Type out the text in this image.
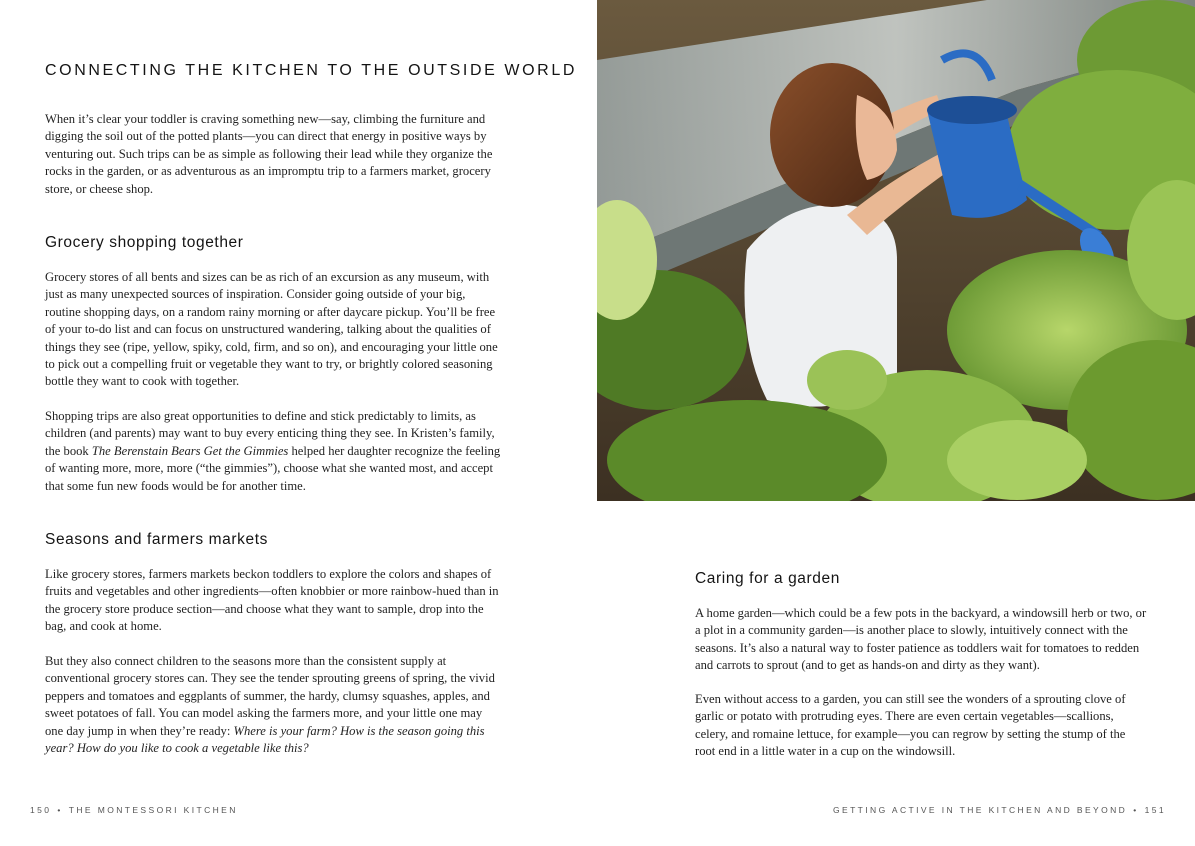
CONNECTING THE KITCHEN TO THE OUTSIDE WORLD

When it’s clear your toddler is craving something new—say, climbing the furniture and digging the soil out of the potted plants—you can direct that energy in positive ways by venturing out. Such trips can be as simple as following their lead while they organize the rocks in the garden, or as adventurous as an impromptu trip to a farmers market, grocery store, or cheese shop.

Grocery shopping together

Grocery stores of all bents and sizes can be as rich of an excursion as any museum, with just as many unexpected sources of inspiration. Consider going outside of your big, routine shopping days, on a random rainy morning or after daycare pickup. You’ll be free of your to-do list and can focus on unstructured wandering, talking about the qualities of things they see (ripe, yellow, spiky, cold, firm, and so on), and encouraging your little one to pick out a compelling fruit or vegetable they want to try, or brightly colored seasoning bottle they want to cook with together.

Shopping trips are also great opportunities to define and stick predictably to limits, as children (and parents) may want to buy every enticing thing they see. In Kristen’s family, the book The Berenstain Bears Get the Gimmies helped her daughter recognize the feeling of wanting more, more, more (“the gimmies”), choose what she wanted most, and accept that some fun new foods would be for another time.

Seasons and farmers markets

Like grocery stores, farmers markets beckon toddlers to explore the colors and shapes of fruits and vegetables and other ingredients—often knobbier or more rainbow-hued than in the grocery store produce section—and choose what they want to sample, drop into the bag, and cook at home.

But they also connect children to the seasons more than the consistent supply at conventional grocery stores can. They see the tender sprouting greens of spring, the vivid peppers and tomatoes and eggplants of summer, the hardy, clumsy squashes, apples, and sweet potatoes of fall. You can model asking the farmers more, and your little one may one day jump in when they’re ready: Where is your farm? How is the season going this year? How do you like to cook a vegetable like this?

150 • THE MONTESSORI KITCHEN
Caring for a garden

A home garden—which could be a few pots in the backyard, a windowsill herb or two, or a plot in a community garden—is another place to slowly, intuitively connect with the seasons. It’s also a natural way to foster patience as toddlers wait for tomatoes to redden and carrots to sprout (and to get as hands-on and dirty as they want).

Even without access to a garden, you can still see the wonders of a sprouting clove of garlic or potato with protruding eyes. There are even certain vegetables—scallions, celery, and romaine lettuce, for example—you can regrow by setting the stump of the root end in a little water in a cup on the windowsill.

GETTING ACTIVE IN THE KITCHEN AND BEYOND • 151
